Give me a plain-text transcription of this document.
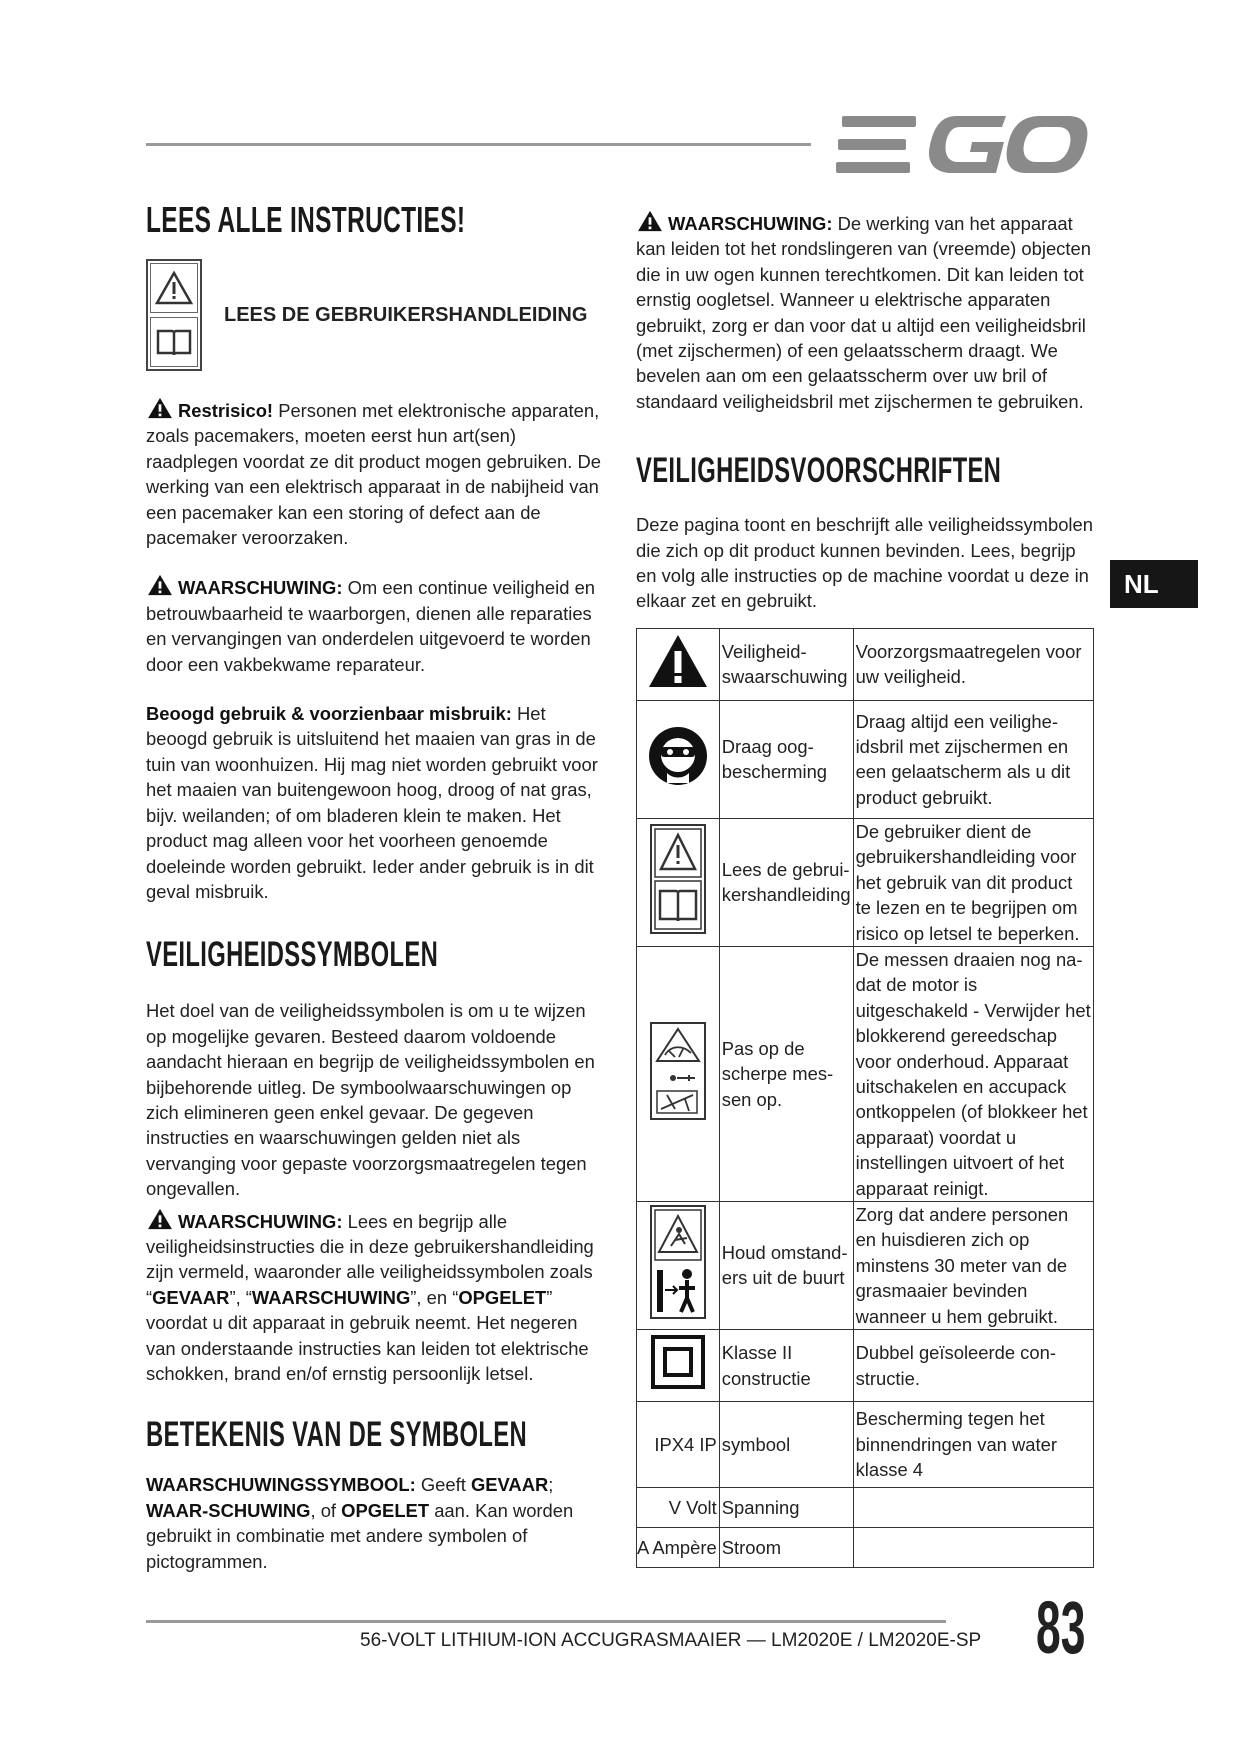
NL
LEES ALLE INSTRUCTIES!
LEES DE GEBRUIKERSHANDLEIDING

Restrisico! Personen met elektronische apparaten, zoals pacemakers, moeten eerst hun art(sen) raadplegen voordat ze dit product mogen gebruiken. De werking van een elektrisch apparaat in de nabijheid van een pacemaker kan een storing of defect aan de pacemaker veroorzaken.

WAARSCHUWING: Om een continue veiligheid en betrouwbaarheid te waarborgen, dienen alle reparaties en vervangingen van onderdelen uitgevoerd te worden door een vakbekwame reparateur.

Beoogd gebruik & voorzienbaar misbruik: Het beoogd gebruik is uitsluitend het maaien van gras in de tuin van woonhuizen. Hij mag niet worden gebruikt voor het maaien van buitengewoon hoog, droog of nat gras, bijv. weilanden; of om bladeren klein te maken. Het product mag alleen voor het voorheen genoemde doeleinde worden gebruikt. Ieder ander gebruik is in dit geval misbruik.

VEILIGHEIDSSYMBOLEN

Het doel van de veiligheidssymbolen is om u te wijzen op mogelijke gevaren. Besteed daarom voldoende aandacht hieraan en begrijp de veiligheidssymbolen en bijbehorende uitleg. De symboolwaarschuwingen op zich elimineren geen enkel gevaar. De gegeven instructies en waarschuwingen gelden niet als vervanging voor gepaste voorzorgsmaatregelen tegen ongevallen.

WAARSCHUWING: Lees en begrijp alle veiligheidsinstructies die in deze gebruikershandleiding zijn vermeld, waaronder alle veiligheidssymbolen zoals “GEVAAR”, “WAARSCHUWING”, en “OPGELET” voordat u dit apparaat in gebruik neemt. Het negeren van onderstaande instructies kan leiden tot elektrische schokken, brand en/of ernstig persoonlijk letsel.

BETEKENIS VAN DE SYMBOLEN

WAARSCHUWINGSSYMBOOL: Geeft GEVAAR; WAAR-SCHUWING, of OPGELET aan. Kan worden gebruikt in combinatie met andere symbolen of pictogrammen.

WAARSCHUWING: De werking van het apparaat kan leiden tot het rondslingeren van (vreemde) objecten die in uw ogen kunnen terechtkomen. Dit kan leiden tot ernstig oogletsel. Wanneer u elektrische apparaten gebruikt, zorg er dan voor dat u altijd een veiligheidsbril (met zijschermen) of een gelaatsscherm draagt. We bevelen aan om een gelaatsscherm over uw bril of standaard veiligheidsbril met zijschermen te gebruiken.

VEILIGHEIDSVOORSCHRIFTEN

Deze pagina toont en beschrijft alle veiligheidssymbolen die zich op dit product kunnen bevinden. Lees, begrijp en volg alle instructies op de machine voordat u deze in elkaar zet en gebruikt.

	Veiligheid-swaarschuwing	Voorzorgsmaatregelen voor uw veiligheid.
	Draag oog-bescherming	Draag altijd een veilighe-idsbril met zijschermen en een gelaatscherm als u dit product gebruikt.
	Lees de gebrui-kershandleiding	De gebruiker dient de gebruikershandleiding voor het gebruik van dit product te lezen en te begrijpen om risico op letsel te beperken.
	Pas op de scherpe mes-sen op.	De messen draaien nog na-dat de motor is uitgeschakeld - Verwijder het blokkerend gereedschap voor onderhoud. Apparaat uitschakelen en accupack ontkoppelen (of blokkeer het apparaat) voordat u instellingen uitvoert of het apparaat reinigt.
	Houd omstand-ers uit de buurt	Zorg dat andere personen en huisdieren zich op minstens 30 meter van de grasmaaier bevinden wanneer u hem gebruikt.
	Klasse II constructie	Dubbel geïsoleerde con-structie.
IPX4 IP	symbool	Bescherming tegen het binnendringen van water klasse 4
V Volt	Spanning	
A Ampère	Stroom	
56-VOLT LITHIUM-ION ACCUGRASMAAIER — LM2020E / LM2020E-SP 83
